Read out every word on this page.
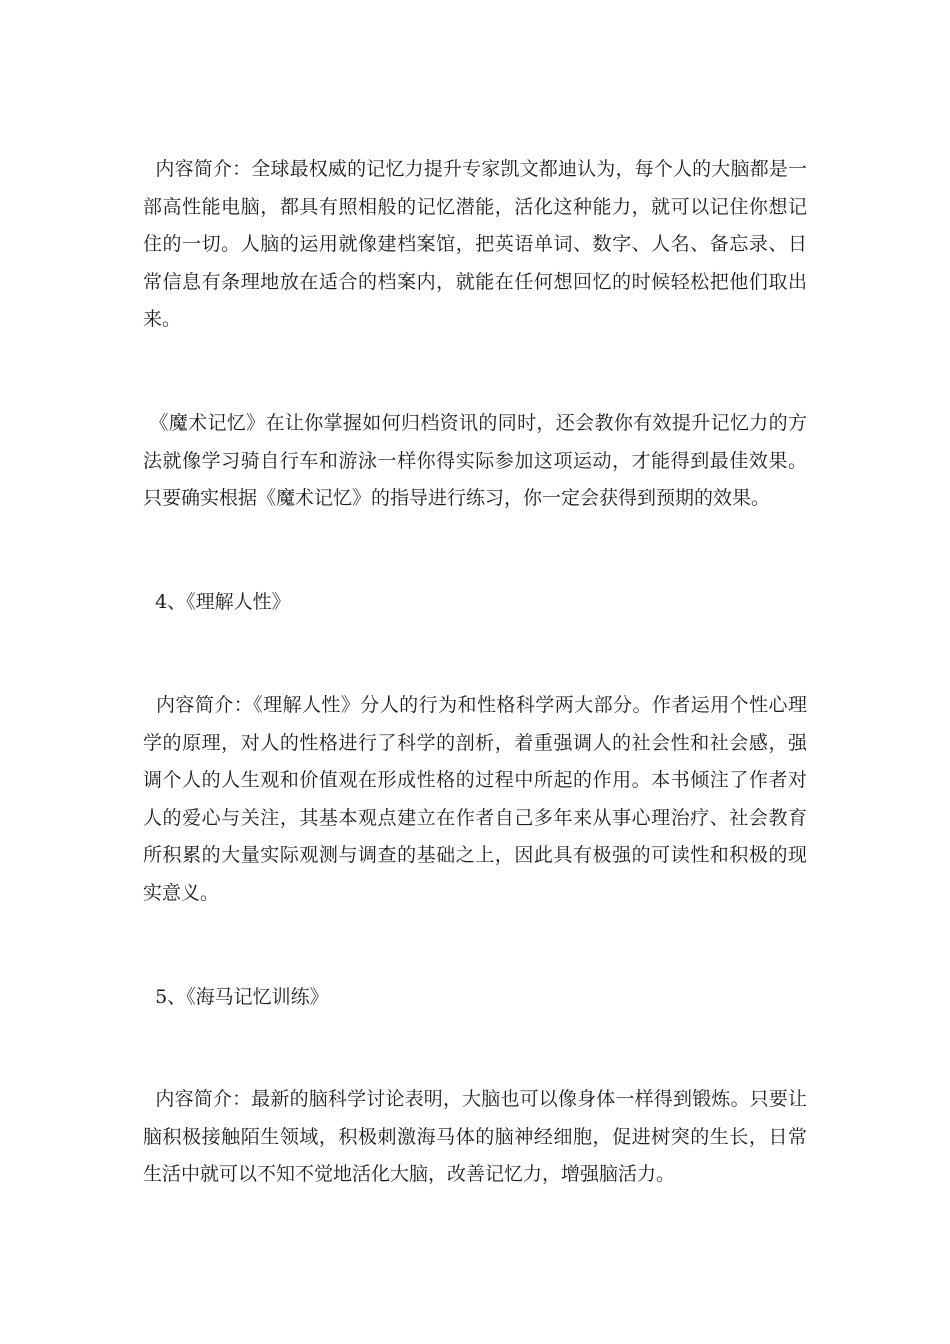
内容简介：全球最权威的记忆力提升专家凯文都迪认为，每个人的大脑都是一部高性能电脑，都具有照相般的记忆潜能，活化这种能力，就可以记住你想记住的一切。人脑的运用就像建档案馆，把英语单词、数字、人名、备忘录、日常信息有条理地放在适合的档案内，就能在任何想回忆的时候轻松把他们取出来。
《魔术记忆》在让你掌握如何归档资讯的同时，还会教你有效提升记忆力的方法就像学习骑自行车和游泳一样你得实际参加这项运动，才能得到最佳效果。只要确实根据《魔术记忆》的指导进行练习，你一定会获得到预期的效果。
4、《理解人性》
内容简介：《理解人性》分人的行为和性格科学两大部分。作者运用个性心理学的原理，对人的性格进行了科学的剖析，着重强调人的社会性和社会感，强调个人的人生观和价值观在形成性格的过程中所起的作用。本书倾注了作者对人的爱心与关注，其基本观点建立在作者自己多年来从事心理治疗、社会教育所积累的大量实际观测与调查的基础之上，因此具有极强的可读性和积极的现实意义。
5、《海马记忆训练》
内容简介：最新的脑科学讨论表明，大脑也可以像身体一样得到锻炼。只要让脑积极接触陌生领域，积极刺激海马体的脑神经细胞，促进树突的生长，日常生活中就可以不知不觉地活化大脑，改善记忆力，增强脑活力。
